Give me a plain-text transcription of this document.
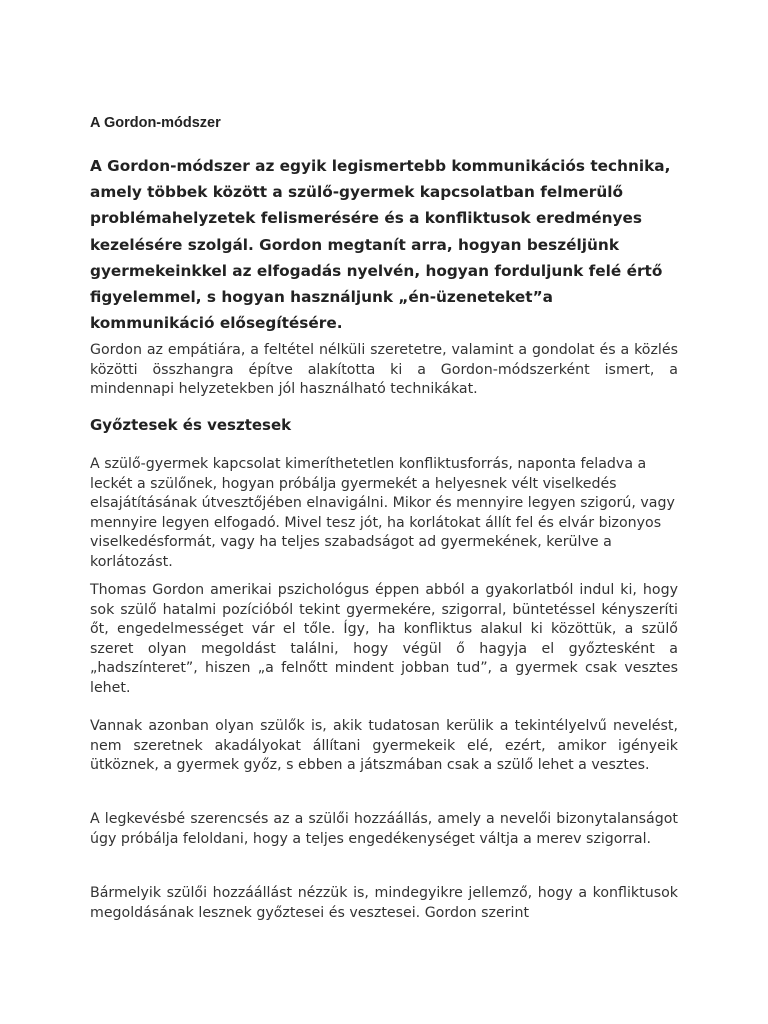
A Gordon-módszer

A Gordon-módszer az egyik legismertebb kommunikációs technika, amely többek között a szülő-gyermek kapcsolatban felmerülő problémahelyzetek felismerésére és a konfliktusok eredményes kezelésére szolgál. Gordon megtanít arra, hogyan beszéljünk gyermekeinkkel az elfogadás nyelvén, hogyan forduljunk felé értő figyelemmel, s hogyan használjunk „én-üzeneteket”a kommunikáció elősegítésére.

Gordon az empátiára, a feltétel nélküli szeretetre, valamint a gondolat és a közlés közötti összhangra építve alakította ki a Gordon-módszerként ismert, a mindennapi helyzetekben jól használható technikákat.

Győztesek és vesztesek

A szülő-gyermek kapcsolat kimeríthetetlen konfliktusforrás, naponta feladva a leckét a szülőnek, hogyan próbálja gyermekét a helyesnek vélt viselkedés elsajátításának útvesztőjében elnavigálni. Mikor és mennyire legyen szigorú, vagy mennyire legyen elfogadó. Mivel tesz jót, ha korlátokat állít fel és elvár bizonyos viselkedésformát, vagy ha teljes szabadságot ad gyermekének, kerülve a korlátozást.

Thomas Gordon amerikai pszichológus éppen abból a gyakorlatból indul ki, hogy sok szülő hatalmi pozícióból tekint gyermekére, szigorral, büntetéssel kényszeríti őt, engedelmességet vár el tőle. Így, ha konfliktus alakul ki közöttük, a szülő szeret olyan megoldást találni, hogy végül ő hagyja el győztesként a „hadszínteret”, hiszen „a felnőtt mindent jobban tud”, a gyermek csak vesztes lehet.

Vannak azonban olyan szülők is, akik tudatosan kerülik a tekintélyelvű nevelést, nem szeretnek akadályokat állítani gyermekeik elé, ezért, amikor igényeik ütköznek, a gyermek győz, s ebben a játszmában csak a szülő lehet a vesztes.

A legkevésbé szerencsés az a szülői hozzáállás, amely a nevelői bizonytalanságot úgy próbálja feloldani, hogy a teljes engedékenységet váltja a merev szigorral.

Bármelyik szülői hozzáállást nézzük is, mindegyikre jellemző, hogy a konfliktusok megoldásának lesznek győztesei és vesztesei. Gordon szerint
